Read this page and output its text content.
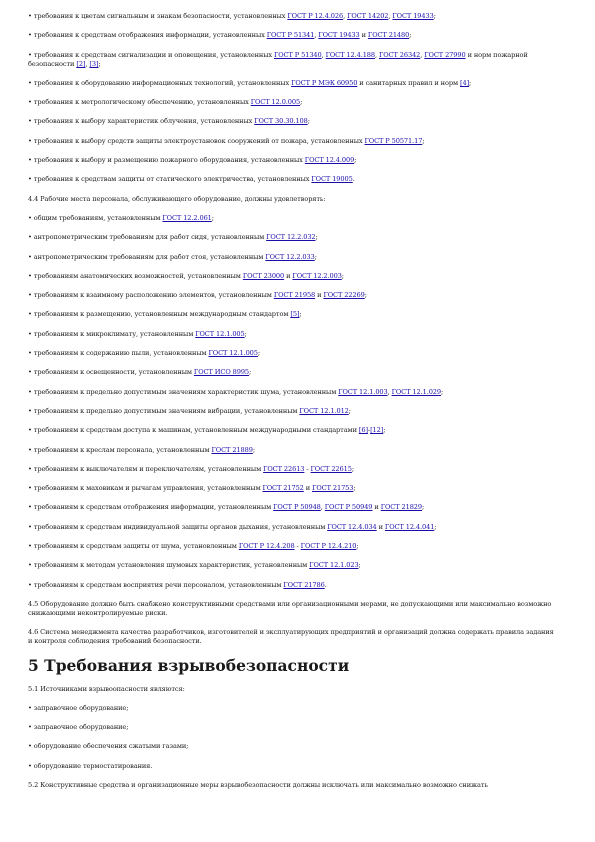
• требования к цветам сигнальным и знакам безопасности, установленных ГОСТ Р 12.4.026, ГОСТ 14202, ГОСТ 19433;
• требования к средствам отображения информации, установленных ГОСТ Р 51341, ГОСТ 19433 и ГОСТ 21480;
• требования к средствам сигнализации и оповещения, установленных ГОСТ Р 51340, ГОСТ 12.4.188, ГОСТ 26342, ГОСТ 27990 и норм пожарной безопасности [2], [3];
• требования к оборудованию информационных технологий, установленных ГОСТ Р МЭК 60950 и санитарных правил и норм [4];
• требования к метрологическому обеспечению, установленных ГОСТ 12.0.005;
• требования к выбору характеристик облучения, установленных ГОСТ 30.30.108;
• требования к выбору средств защиты электроустановок сооружений от пожара, установленных ГОСТ Р 50571.17;
• требования к выбору и размещению пожарного оборудования, установленных ГОСТ 12.4.009;
• требования к средствам защиты от статического электричества, установленных ГОСТ 19005.
4.4 Рабочие места персонала, обслуживающего оборудование, должны удовлетворять:
• общим требованиям, установленным ГОСТ 12.2.061;
• антропометрическим требованиям для работ сидя, установленным ГОСТ 12.2.032;
• антропометрическим требованиям для работ стоя, установленным ГОСТ 12.2.033;
• требованиям анатомических возможностей, установленным ГОСТ 23000 и ГОСТ 12.2.003;
• требованиям к взаимному расположению элементов, установленным ГОСТ 21958 и ГОСТ 22269;
• требованиям к размещению, установленным международным стандартом [5];
• требованиям к микроклимату, установленным ГОСТ 12.1.005;
• требованиям к содержанию пыли, установленным ГОСТ 12.1.005;
• требованиям к освещенности, установленным ГОСТ ИСО 8995;
• требованиям к предельно допустимым значениям характеристик шума, установленным ГОСТ 12.1.003, ГОСТ 12.1.029;
• требованиям к предельно допустимым значениям вибрации, установленным ГОСТ 12.1.012;
• требованиям к средствам доступа к машинам, установленным международными стандартами [6]-[12];
• требованиям к креслам персонала, установленным ГОСТ 21889;
• требованиям к выключателям и переключателям, установленным ГОСТ 22613 - ГОСТ 22615;
• требованиям к маховикам и рычагам управления, установленным ГОСТ 21752 и ГОСТ 21753;
• требованиям к средствам отображения информации, установленным ГОСТ Р 50948, ГОСТ Р 50949 и ГОСТ 21829;
• требованиям к средствам индивидуальной защиты органов дыхания, установленным ГОСТ 12.4.034 и ГОСТ 12.4.041;
• требованиям к средствам защиты от шума, установленным ГОСТ Р 12.4.208 - ГОСТ Р 12.4.210;
• требованиям к методам установления шумовых характеристик, установленным ГОСТ 12.1.023;
• требованиям к средствам восприятия речи персоналом, установленным ГОСТ 21786.
4.5 Оборудование должно быть снабжено конструктивными средствами или организационными мерами, не допускающими или максимально возможно снижающими неконтролируемые риски.
4.6 Система менеджмента качества разработчиков, изготовителей и эксплуатирующих предприятий и организаций должна содержать правила задания и контроля соблюдения требований безопасности.
5 Требования взрывобезопасности
5.1 Источниками взрывоопасности являются:
• заправочное оборудование;
• заправочное оборудование;
• оборудование обеспечения сжатыми газами;
• оборудование термостатирования.
5.2 Конструктивные средства и организационные меры взрывобезопасности должны исключать или максимально возможно снижать
